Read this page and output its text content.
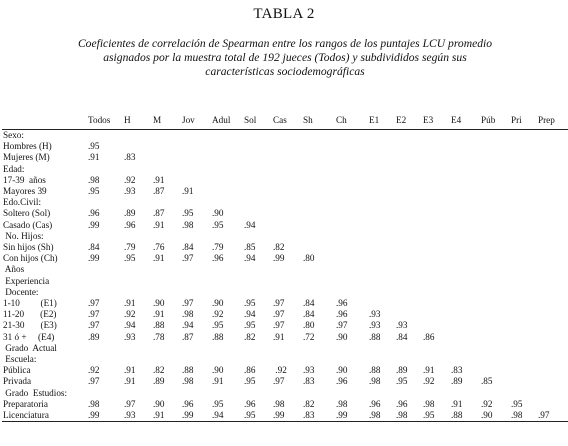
TABLA 2
Coeficientes de correlación de Spearman entre los rangos de los puntajes LCU promedio
asignados por la muestra total de 192 jueces (Todos) y subdivididos según sus
características sociodemográficas
	Todos	H	M	Jov	Adul	Sol	Cas	Sh	Ch	E1	E2	E3	E4	Púb	Pri	Prep
Sexo:																
Hombres (H)	.95															
Mujeres (M)	.91	.83														
Edad:																
17-39  años	.98	.92	.91													
Mayores 39	.95	.93	.87	.91												
Edo.Civil:																
Soltero (Sol)	.96	.89	.87	.95	.90											
Casado (Cas)	.99	.96	.91	.98	.95	.94										
No. Hijos:																
Sin hijos (Sh)	.84	.79	.76	.84	.79	.85	.82									
Con hijos (Ch)	.99	.95	.91	.97	.96	.94	.99	.80								
Años																
Experiencia																
Docente:																
1-10         (E1)	.97	.91	.90	.97	.90	.95	.97	.84	.96							
11-20       (E2)	.97	.92	.91	.98	.92	.94	.97	.84	.96	.93						
21-30       (E3)	.97	.94	.88	.94	.95	.95	.97	.80	.97	.93	.93					
31 ó +     (E4)	.89	.93	.78	.87	.88	.82	.91	.72	.90	.88	.84	.86				
Grado  Actual																
Escuela:																
Pública	.92	.91	.82	.88	.90	.86	.92	.93	.90	.88	.89	.91	.83			
Privada	.97	.91	.89	.98	.91	.95	.97	.83	.96	.98	.95	.92	.89	.85		
Grado  Estudios:																
Preparatoria	.98	.97	.90	.96	.95	.96	.98	.82	.98	.96	.96	.98	.91	.92	.95	
Licenciatura	.99	.93	.91	.99	.94	.95	.99	.83	.99	.98	.98	.95	.88	.90	.98	.97
